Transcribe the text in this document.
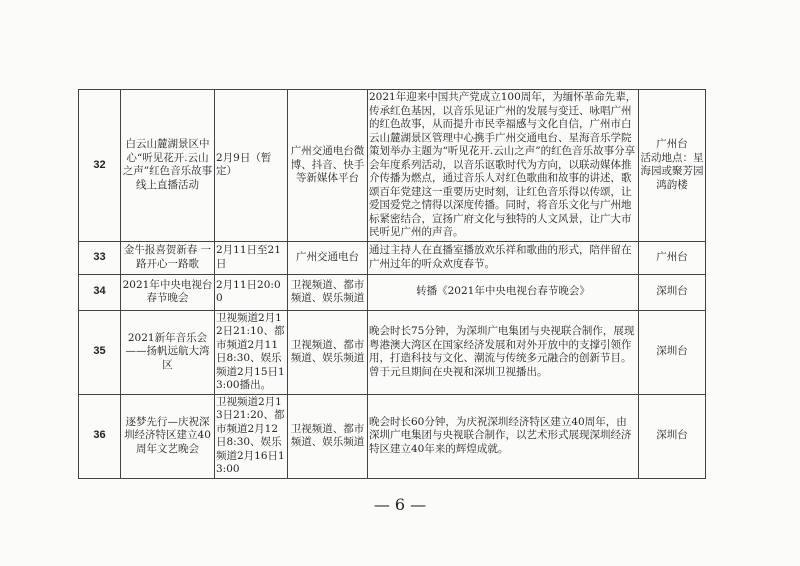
32	白云山麓湖景区中心“听见花开.云山之声”红色音乐故事线上直播活动	2月9日（暂定）	广州交通电台微博、抖音、快手等新媒体平台	2021年迎来中国共产党成立100周年，为缅怀革命先辈，传承红色基因，以音乐见证广州的发展与变迁、咏唱广州的红色故事，从而提升市民幸福感与文化自信，广州市白云山麓湖景区管理中心携手广州交通电台、星海音乐学院策划举办主题为“听见花开.云山之声”的红色音乐故事分享会年度系列活动，以音乐讴歌时代为方向，以联动媒体推介传播为燃点，通过音乐人对红色歌曲和故事的讲述，歌颂百年党建这一重要历史时刻，让红色音乐得以传颂，让爱国爱党之情得以深度传播。同时，将音乐文化与广州地标紧密结合，宣扬广府文化与独特的人文风景，让广大市民听见广州的声音。	广州台
活动地点：星海园或聚芳园鸿韵楼
33	金牛报喜贺新春 一路开心一路歌	2月11日至21日	广州交通电台	通过主持人在直播室播放欢乐祥和歌曲的形式，陪伴留在广州过年的听众欢度春节。	广州台
34	2021年中央电视台春节晚会	2月11日20:00	卫视频道、都市频道、娱乐频道	转播《2021年中央电视台春节晚会》	深圳台
35	2021新年音乐会——扬帆远航大湾区	卫视频道2月12日21:10、都市频道2月11日8:30、娱乐频道2月15日13:00播出。	卫视频道、都市频道、娱乐频道	晚会时长75分钟，为深圳广电集团与央视联合制作，展现粤港澳大湾区在国家经济发展和对外开放中的支撑引领作用，打造科技与文化、潮流与传统多元融合的创新节目。曾于元旦期间在央视和深圳卫视播出。	深圳台
36	逐梦先行—庆祝深圳经济特区建立40周年文艺晚会	卫视频道2月13日21:20、都市频道2月12日8:30、娱乐频道2月16日13:00	卫视频道、都市频道、娱乐频道	晚会时长60分钟，为庆祝深圳经济特区建立40周年，由深圳广电集团与央视联合制作，以艺术形式展现深圳经济特区建立40年来的辉煌成就。	深圳台
— 6 —
